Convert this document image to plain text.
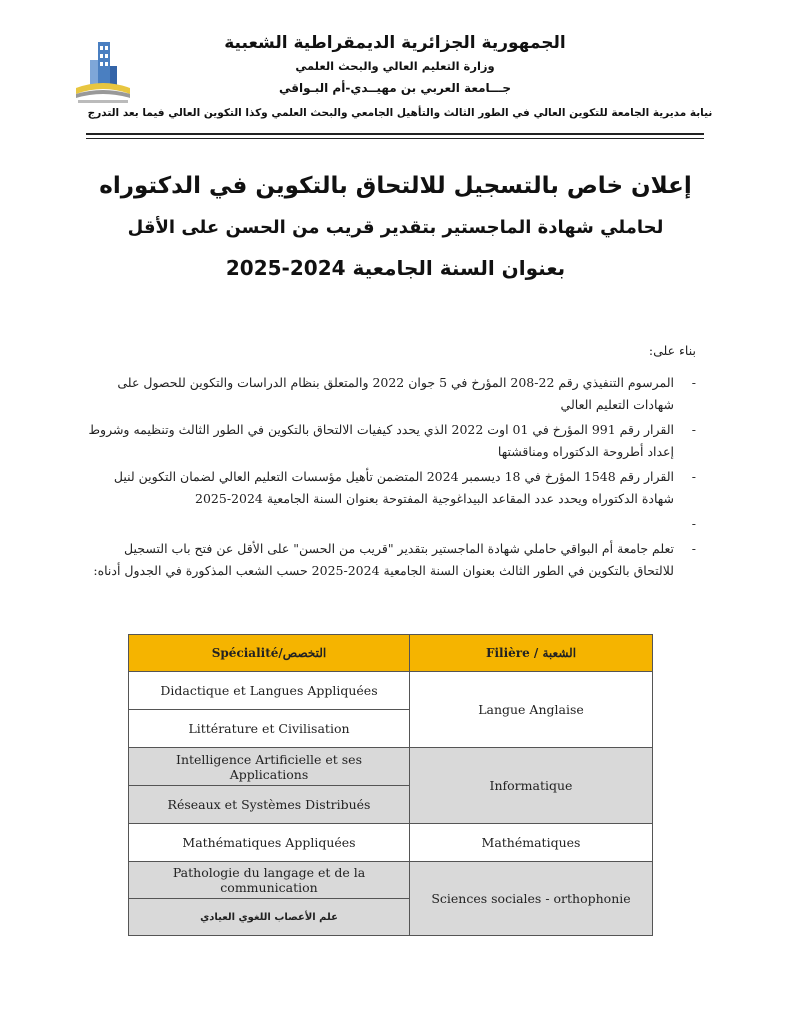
الجمهورية الجزائرية الديمقراطية الشعبية
وزارة التعليم العالي والبحث العلمي
جـــامعة العربي بن مهيــدي-أم البـواقي
نيابة مديرية الجامعة للتكوين العالي في الطور الثالث والتأهيل الجامعي والبحث العلمي وكذا التكوين العالي فيما بعد التدرج
إعلان خاص بالتسجيل للالتحاق بالتكوين في الدكتوراه
لحاملي شهادة الماجستير بتقدير قريب من الحسن على الأقل
بعنوان السنة الجامعية 2024-2025
بناء على:
-
المرسوم التنفيذي رقم 22-208 المؤرخ في 5 جوان 2022 والمتعلق بنظام الدراسات والتكوين للحصول على شهادات التعليم العالي
-
القرار رقم 991 المؤرخ في 01 اوت 2022 الذي يحدد كيفيات الالتحاق بالتكوين في الطور الثالث وتنظيمه وشروط إعداد أطروحة الدكتوراه ومناقشتها
-
القرار رقم 1548 المؤرخ في 18 ديسمبر 2024 المتضمن تأهيل مؤسسات التعليم العالي لضمان التكوين لنيل شهادة الدكتوراه ويحدد عدد المقاعد البيداغوجية المفتوحة بعنوان السنة الجامعية 2024-2025
-
-
تعلم جامعة أم البواقي حاملي شهادة الماجستير بتقدير "قريب من الحسن" على الأقل عن فتح باب التسجيل للالتحاق بالتكوين في الطور الثالث بعنوان السنة الجامعية 2024-2025 حسب الشعب المذكورة في الجدول أدناه:
Spécialité/التخصص	Filière / الشعبة
Didactique et Langues Appliquées	Langue Anglaise
Littérature et Civilisation	
Intelligence Artificielle et ses Applications	Informatique
Réseaux et Systèmes Distribués	
Mathématiques Appliquées	Mathématiques
Pathologie du langage et de la communication	Sciences sociales - orthophonie
علم الأعصاب اللغوي العيادي	
